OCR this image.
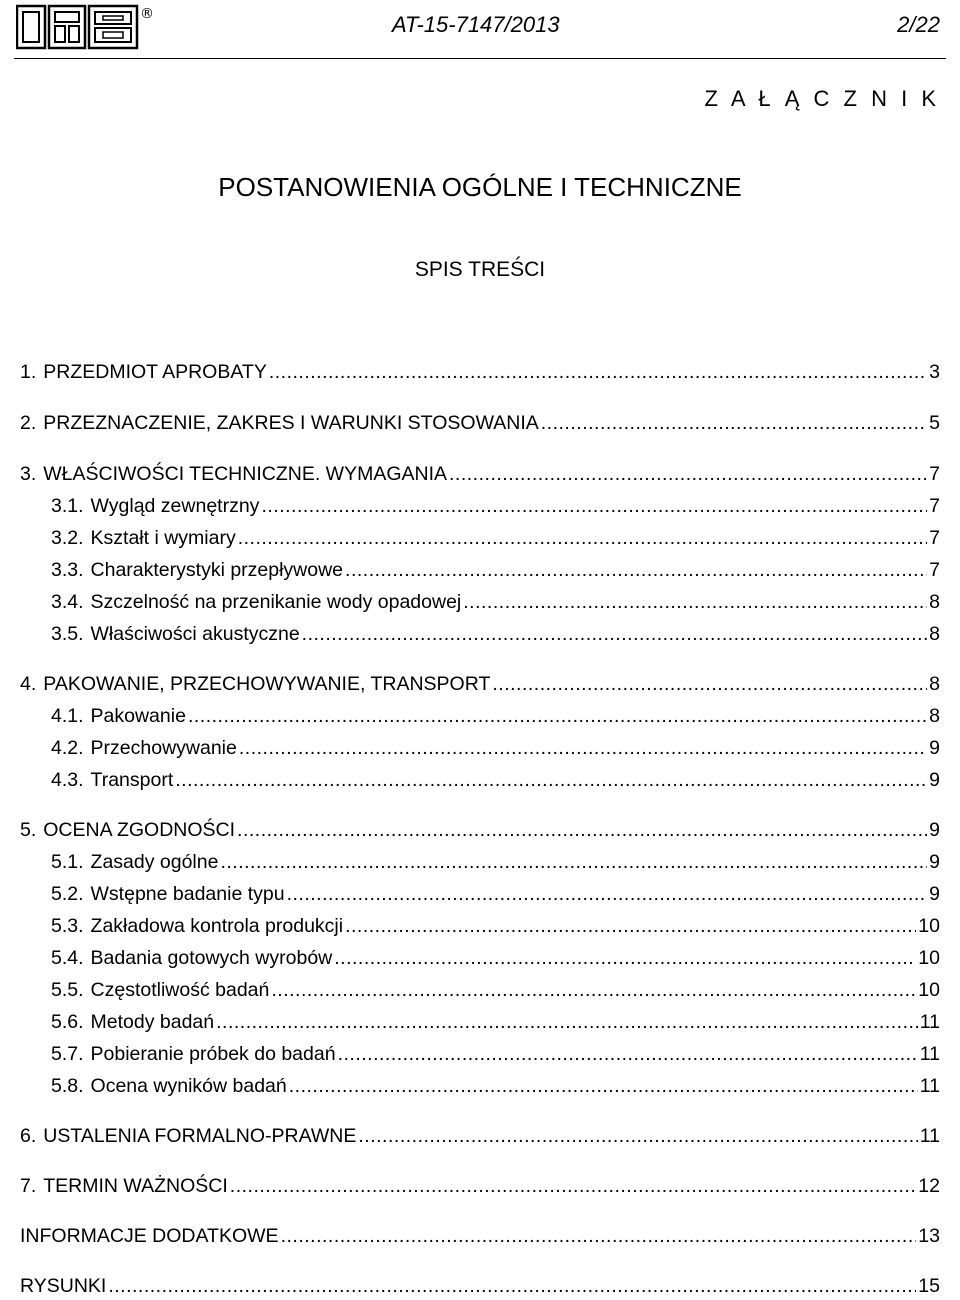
®	AT-15-7147/2013	2/22
Z A Ł Ą C Z N I K
POSTANOWIENIA OGÓLNE I TECHNICZNE
SPIS TREŚCI
1. PRZEDMIOT APROBATY .....	3
2. PRZEZNACZENIE, ZAKRES I WARUNKI STOSOWANIA .....	5
3. WŁAŚCIWOŚCI TECHNICZNE. WYMAGANIA .....	7
3.1. Wygląd zewnętrzny .....	7
3.2. Kształt i wymiary .....	7
3.3. Charakterystyki przepływowe .....	7
3.4. Szczelność na przenikanie wody opadowej .....	8
3.5. Właściwości akustyczne .....	8
4. PAKOWANIE, PRZECHOWYWANIE, TRANSPORT .....	8
4.1. Pakowanie .....	8
4.2. Przechowywanie .....	9
4.3. Transport .....	9
5. OCENA ZGODNOŚCI .....	9
5.1. Zasady ogólne .....	9
5.2. Wstępne badanie typu .....	9
5.3. Zakładowa kontrola produkcji .....	10
5.4. Badania gotowych wyrobów .....	10
5.5. Częstotliwość badań .....	10
5.6. Metody badań .....	11
5.7. Pobieranie próbek do badań .....	11
5.8. Ocena wyników badań .....	11
6. USTALENIA FORMALNO-PRAWNE .....	11
7. TERMIN WAŻNOŚCI .....	12
INFORMACJE DODATKOWE .....	13
RYSUNKI .....	15
